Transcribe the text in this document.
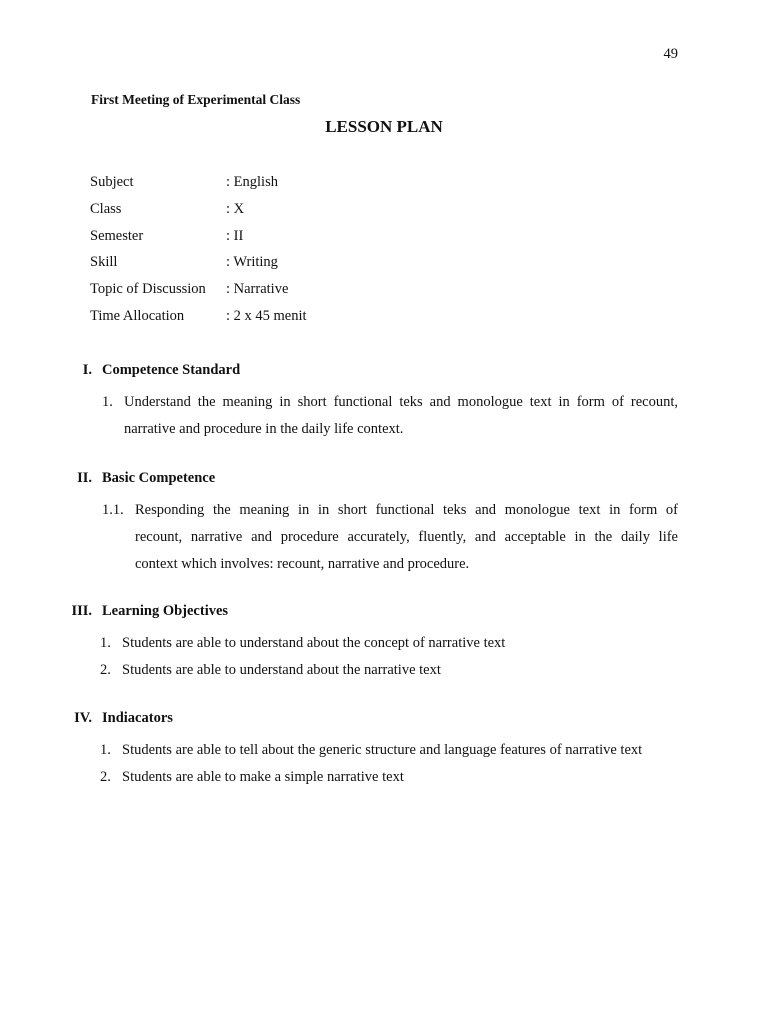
49
First Meeting of Experimental Class
LESSON PLAN
Subject	: English
Class	: X
Semester	: II
Skill	: Writing
Topic of Discussion	: Narrative
Time Allocation	: 2 x 45 menit
I. Competence Standard
1. Understand the meaning in short functional teks and monologue text in form of recount,
narrative and procedure in the daily life context.
II. Basic Competence
1.1. Responding the meaning in in short functional teks and monologue text in form of
recount, narrative and procedure accurately, fluently, and acceptable in the daily life
context which involves: recount, narrative and procedure.
III. Learning Objectives
1. Students are able to understand about the concept of narrative text
2. Students are able to understand about the narrative text
IV. Indiacators
1. Students are able to tell about the generic structure and language features of narrative text
2. Students are able to make a simple narrative text
